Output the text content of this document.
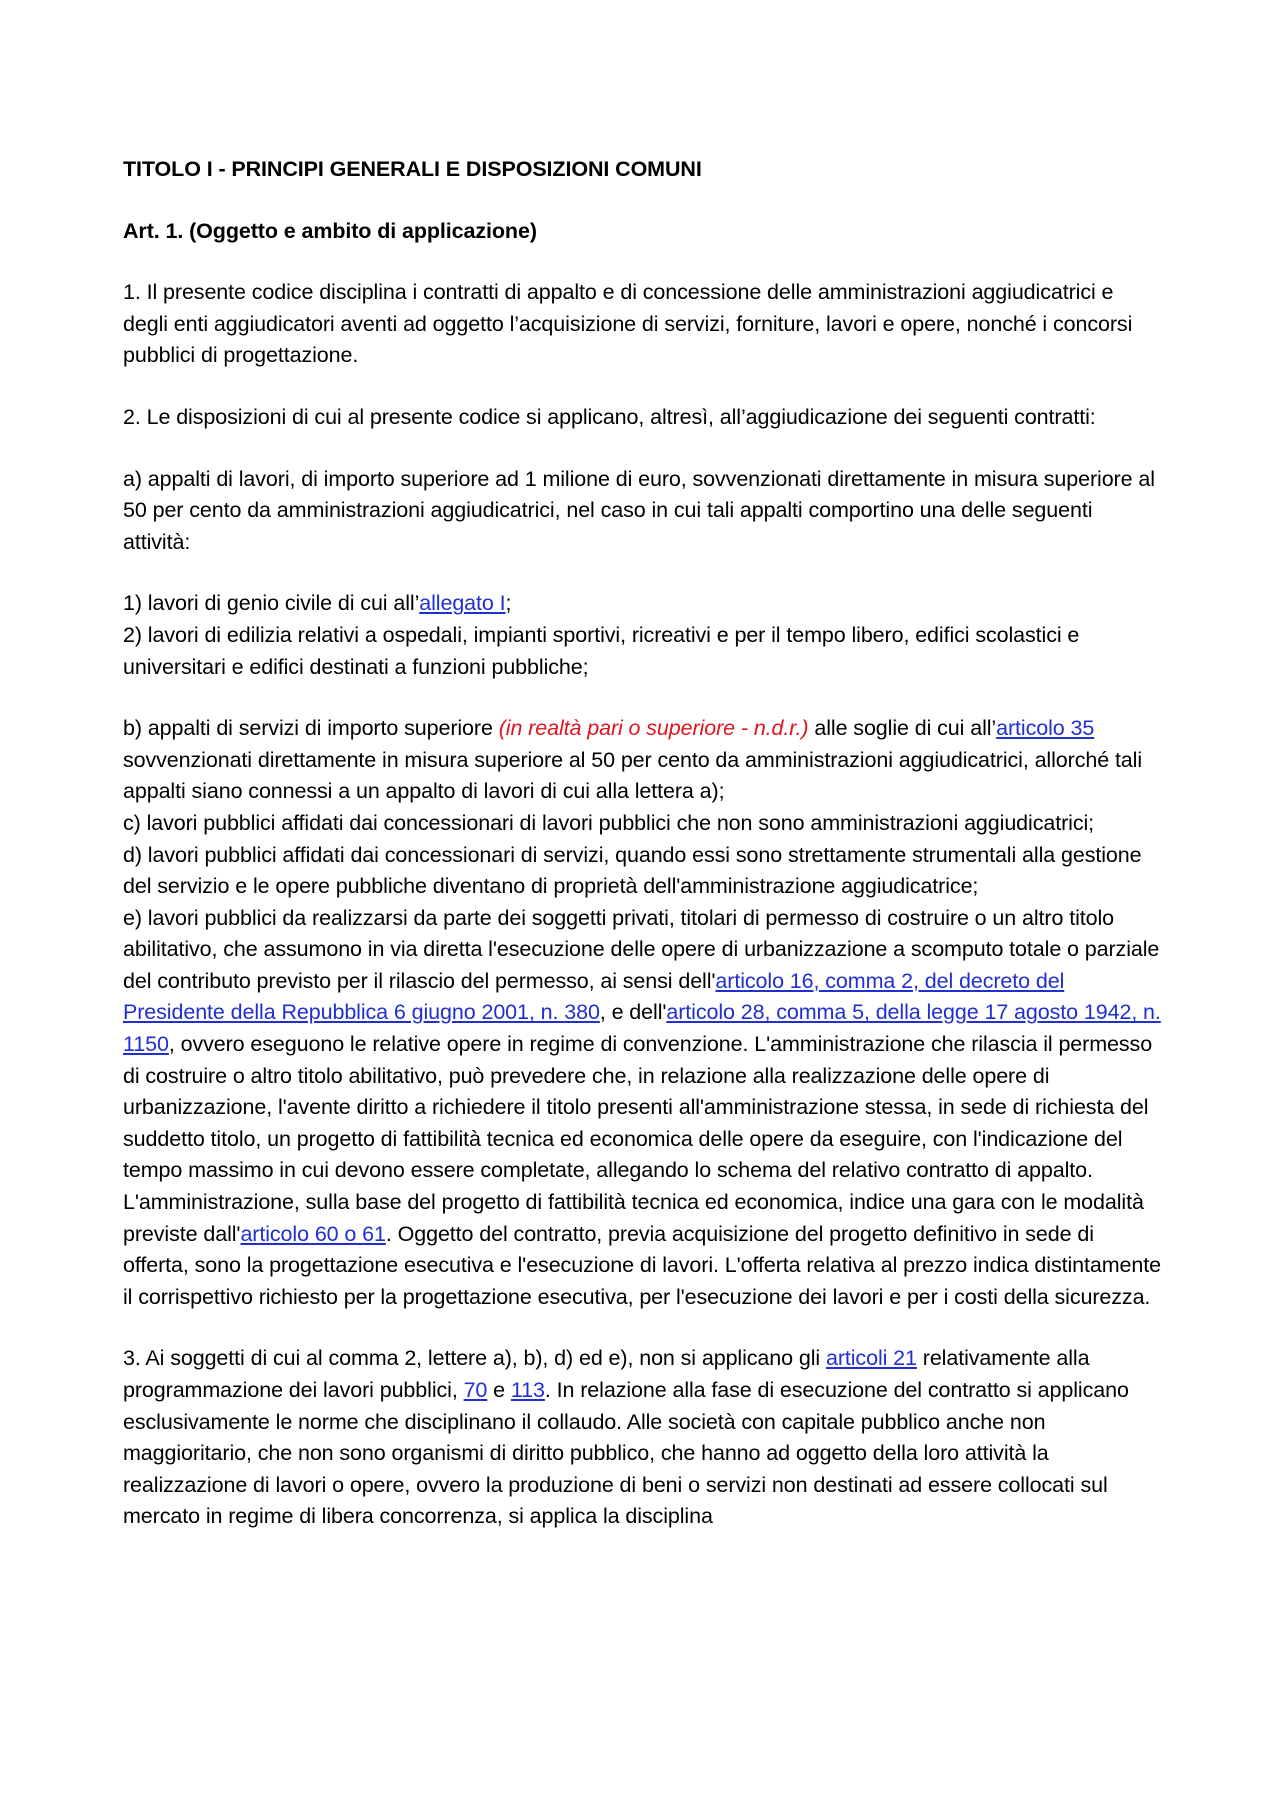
TITOLO I - PRINCIPI GENERALI E DISPOSIZIONI COMUNI
Art. 1. (Oggetto e ambito di applicazione)
1. Il presente codice disciplina i contratti di appalto e di concessione delle amministrazioni aggiudicatrici e degli enti aggiudicatori aventi ad oggetto l’acquisizione di servizi, forniture, lavori e opere, nonché i concorsi pubblici di progettazione.
2. Le disposizioni di cui al presente codice si applicano, altresì, all’aggiudicazione dei seguenti contratti:
a) appalti di lavori, di importo superiore ad 1 milione di euro, sovvenzionati direttamente in misura superiore al 50 per cento da amministrazioni aggiudicatrici, nel caso in cui tali appalti comportino una delle seguenti attività:
1) lavori di genio civile di cui all’allegato I;
2) lavori di edilizia relativi a ospedali, impianti sportivi, ricreativi e per il tempo libero, edifici scolastici e universitari e edifici destinati a funzioni pubbliche;
b) appalti di servizi di importo superiore (in realtà pari o superiore - n.d.r.) alle soglie di cui all’articolo 35 sovvenzionati direttamente in misura superiore al 50 per cento da amministrazioni aggiudicatrici, allorché tali appalti siano connessi a un appalto di lavori di cui alla lettera a);
c) lavori pubblici affidati dai concessionari di lavori pubblici che non sono amministrazioni aggiudicatrici;
d) lavori pubblici affidati dai concessionari di servizi, quando essi sono strettamente strumentali alla gestione del servizio e le opere pubbliche diventano di proprietà dell'amministrazione aggiudicatrice;
e) lavori pubblici da realizzarsi da parte dei soggetti privati, titolari di permesso di costruire o un altro titolo abilitativo, che assumono in via diretta l'esecuzione delle opere di urbanizzazione a scomputo totale o parziale del contributo previsto per il rilascio del permesso, ai sensi dell'articolo 16, comma 2, del decreto del Presidente della Repubblica 6 giugno 2001, n. 380, e dell'articolo 28, comma 5, della legge 17 agosto 1942, n. 1150, ovvero eseguono le relative opere in regime di convenzione. L'amministrazione che rilascia il permesso di costruire o altro titolo abilitativo, può prevedere che, in relazione alla realizzazione delle opere di urbanizzazione, l'avente diritto a richiedere il titolo presenti all'amministrazione stessa, in sede di richiesta del suddetto titolo, un progetto di fattibilità tecnica ed economica delle opere da eseguire, con l'indicazione del tempo massimo in cui devono essere completate, allegando lo schema del relativo contratto di appalto. L'amministrazione, sulla base del progetto di fattibilità tecnica ed economica, indice una gara con le modalità previste dall'articolo 60 o 61. Oggetto del contratto, previa acquisizione del progetto definitivo in sede di offerta, sono la progettazione esecutiva e l'esecuzione di lavori. L'offerta relativa al prezzo indica distintamente il corrispettivo richiesto per la progettazione esecutiva, per l'esecuzione dei lavori e per i costi della sicurezza.
3. Ai soggetti di cui al comma 2, lettere a), b), d) ed e), non si applicano gli articoli 21 relativamente alla programmazione dei lavori pubblici, 70 e 113. In relazione alla fase di esecuzione del contratto si applicano esclusivamente le norme che disciplinano il collaudo. Alle società con capitale pubblico anche non maggioritario, che non sono organismi di diritto pubblico, che hanno ad oggetto della loro attività la realizzazione di lavori o opere, ovvero la produzione di beni o servizi non destinati ad essere collocati sul mercato in regime di libera concorrenza, si applica la disciplina
